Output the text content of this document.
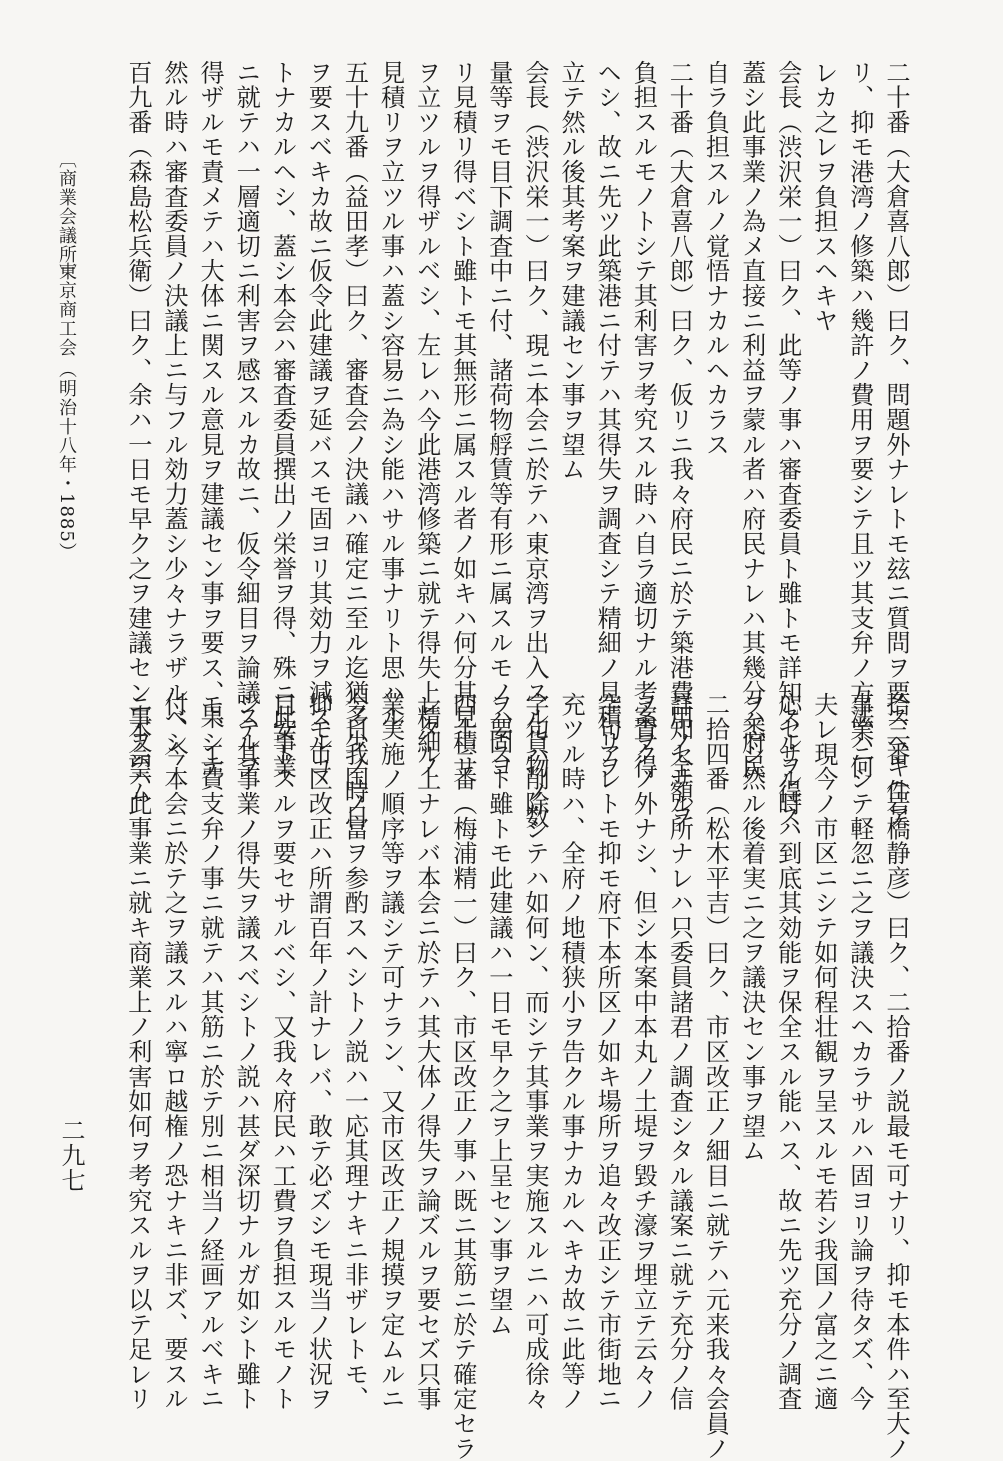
二十番（大倉喜八郎）曰ク、問題外ナレトモ玆ニ質問ヲ要スヘキ件ア
リ、抑モ港湾ノ修築ハ幾許ノ費用ヲ要シテ且ツ其支弁ノ方法ハ何
レカ之レヲ負担スヘキヤ
会長（渋沢栄一）曰ク、此等ノ事ハ審査委員ト雖トモ詳知スルヲ得ス
蓋シ此事業ノ為メ直接ニ利益ヲ蒙ル者ハ府民ナレハ其幾分ハ府民
自ラ負担スルノ覚悟ナカルヘカラス
二十番（大倉喜八郎）曰ク、仮リニ我々府民ニ於テ築港費用ノ全額ヲ
負担スルモノトシテ其利害ヲ考究スル時ハ自ラ適切ナル考案ヲ得
ヘシ、故ニ先ツ此築港ニ付テハ其得失ヲ調査シテ精細ノ見積リヲ
立テ然ル後其考案ヲ建議セン事ヲ望ム
会長（渋沢栄一）曰ク、現ニ本会ニ於テハ東京湾ヲ出入スル貨物ノ数
量等ヲモ目下調査中ニ付、諸荷物艀賃等有形ニ属スルモノハ固ヨ
リ見積リ得ベシト雖トモ其無形ニ属スル者ノ如キハ何分其見積リ
ヲ立ツルヲ得ザルベシ、左レハ今此港湾修築ニ就テ得失上精細ノ
見積リヲ立ツル事ハ蓋シ容易ニ為シ能ハサル事ナリト思ハル
五十九番（益田孝）曰ク、審査会ノ決議ハ確定ニ至ル迄猶多少ノ時日
ヲ要スベキカ故ニ仮令此建議ヲ延バスモ固ヨリ其効力ヲ減スルコ
トナカルヘシ、蓋シ本会ハ審査委員撰出ノ栄誉ヲ得、殊ニ此事業
ニ就テハ一層適切ニ利害ヲ感スルカ故ニ、仮令細目ヲ論議スルヲ
得ザルモ責メテハ大体ニ関スル意見ヲ建議セン事ヲ要ス、果シテ
然ル時ハ審査委員ノ決議上ニ与フル効力蓋シ少々ナラザルベシ
百九番（森島松兵衛）曰ク、余ハ一日モ早ク之ヲ建議セン事ヲ望ム
拾三番（岩橋静彦）曰ク、二拾番ノ説最モ可ナリ、抑モ本件ハ至大ノ
事業ニシテ軽忽ニ之ヲ議決スヘカラサルハ固ヨリ論ヲ待タズ、今
夫レ現今ノ市区ニシテ如何程壮観ヲ呈スルモ若シ我国ノ富之ニ適
応セサル時ハ到底其効能ヲ保全スル能ハス、故ニ先ツ充分ノ調査
ヲ悉シ然ル後着実ニ之ヲ議決セン事ヲ望ム
二拾四番（松木平吉）曰ク、市区改正ノ細目ニ就テハ元来我々会員ノ
詳知セサル所ナレハ只委員諸君ノ調査シタル議案ニ就テ充分ノ信
ヲ置クノ外ナシ、但シ本案中本丸ノ土堤ヲ毀チ濠ヲ埋立テ云々ノ
字句アレトモ抑モ府下本所区ノ如キ場所ヲ追々改正シテ市街地ニ
充ツル時ハ、全府ノ地積狭小ヲ告クル事ナカルヘキカ故ニ此等ノ
字句ハ削除シテハ如何ン、而シテ其事業ヲ実施スルニハ可成徐々
ヲ要スト雖トモ此建議ハ一日モ早ク之ヲ上呈セン事ヲ望ム
四十三番（梅浦精一）曰ク、市区改正ノ事ハ既ニ其筋ニ於テ確定セラ
レタル上ナレバ本会ニ於テハ其大体ノ得失ヲ論ズルヲ要セズ只事
業実施ノ順序等ヲ議シテ可ナラン、又市区改正ノ規摸ヲ定ムルニ
今日我国ノ富ヲ参酌スヘシトノ説ハ一応其理ナキニ非ザレトモ、
抑モ市区改正ハ所謂百年ノ計ナレバ、敢テ必ズシモ現当ノ状況ヲ
目安トスルヲ要セサルベシ、又我々府民ハ工費ヲ負担スルモノト
シテ其事業ノ得失ヲ議スベシトノ説ハ甚ダ深切ナルガ如シト雖ト
モ、工費支弁ノ事ニ就テハ其筋ニ於テ別ニ相当ノ経画アルベキニ
付、今本会ニ於テ之ヲ議スルハ寧ロ越権ノ恐ナキニ非ズ、要スル
ニ本会ハ此事業ニ就キ商業上ノ利害如何ヲ考究スルヲ以テ足レリ
〔商業会議所〕
東京商工会
（明治十八年・1885）
二九七
